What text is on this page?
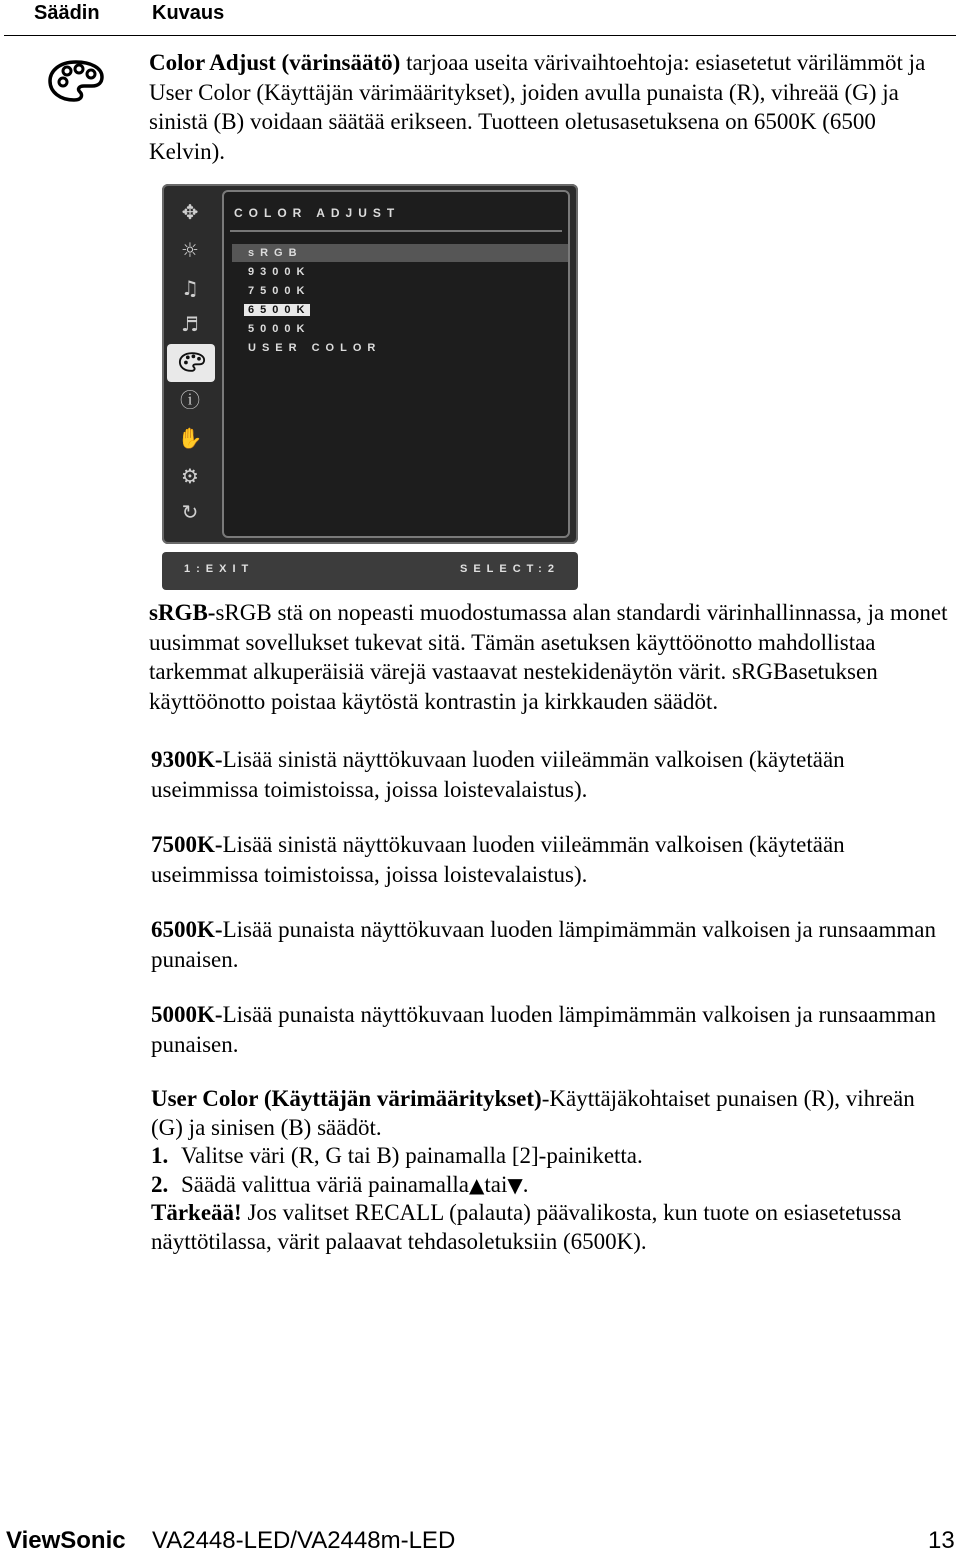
Säädin	Kuvaus
Color Adjust (värinsäätö) tarjoaa useita värivaihtoehtoja: esiasetetut värilämmöt ja User Color (Käyttäjän värimääritykset), joiden avulla punaista (R), vihreää (G) ja sinistä (B) voidaan säätää erikseen. Tuotteen oletusasetuksena on 6500K (6500 Kelvin).
✥
☼
♫
♬
ⓘ
✋
⚙
↻
COLOR ADJUST
sRGB
9300K
7500K
6500K
5000K
USER COLOR
1:EXIT	SELECT:2
sRGB-sRGB stä on nopeasti muodostumassa alan standardi värinhallinnassa, ja monet uusimmat sovellukset tukevat sitä. Tämän asetuksen käyttöönotto mahdollistaa tarkemmat alkuperäisiä värejä vastaavat nestekidenäytön värit. sRGBasetuksen käyttöönotto poistaa käytöstä kontrastin ja kirkkauden säädöt.
9300K-Lisää sinistä näyttökuvaan luoden viileämmän valkoisen (käytetään useimmissa toimistoissa, joissa loistevalaistus).
7500K-Lisää sinistä näyttökuvaan luoden viileämmän valkoisen (käytetään useimmissa toimistoissa, joissa loistevalaistus).
6500K-Lisää punaista näyttökuvaan luoden lämpimämmän valkoisen ja runsaamman punaisen.
5000K-Lisää punaista näyttökuvaan luoden lämpimämmän valkoisen ja runsaamman punaisen.
User Color (Käyttäjän värimääritykset)-Käyttäjäkohtaiset punaisen (R), vihreän (G) ja sinisen (B) säädöt.
1. Valitse väri (R, G tai B) painamalla [2]-painiketta.
2. Säädä valittua väriä painamalla▲tai▼.
Tärkeää! Jos valitset RECALL (palauta) päävalikosta, kun tuote on esiasetetussa näyttötilassa, värit palaavat tehdasoletuksiin (6500K).
ViewSonic VA2448-LED/VA2448m-LED	13
